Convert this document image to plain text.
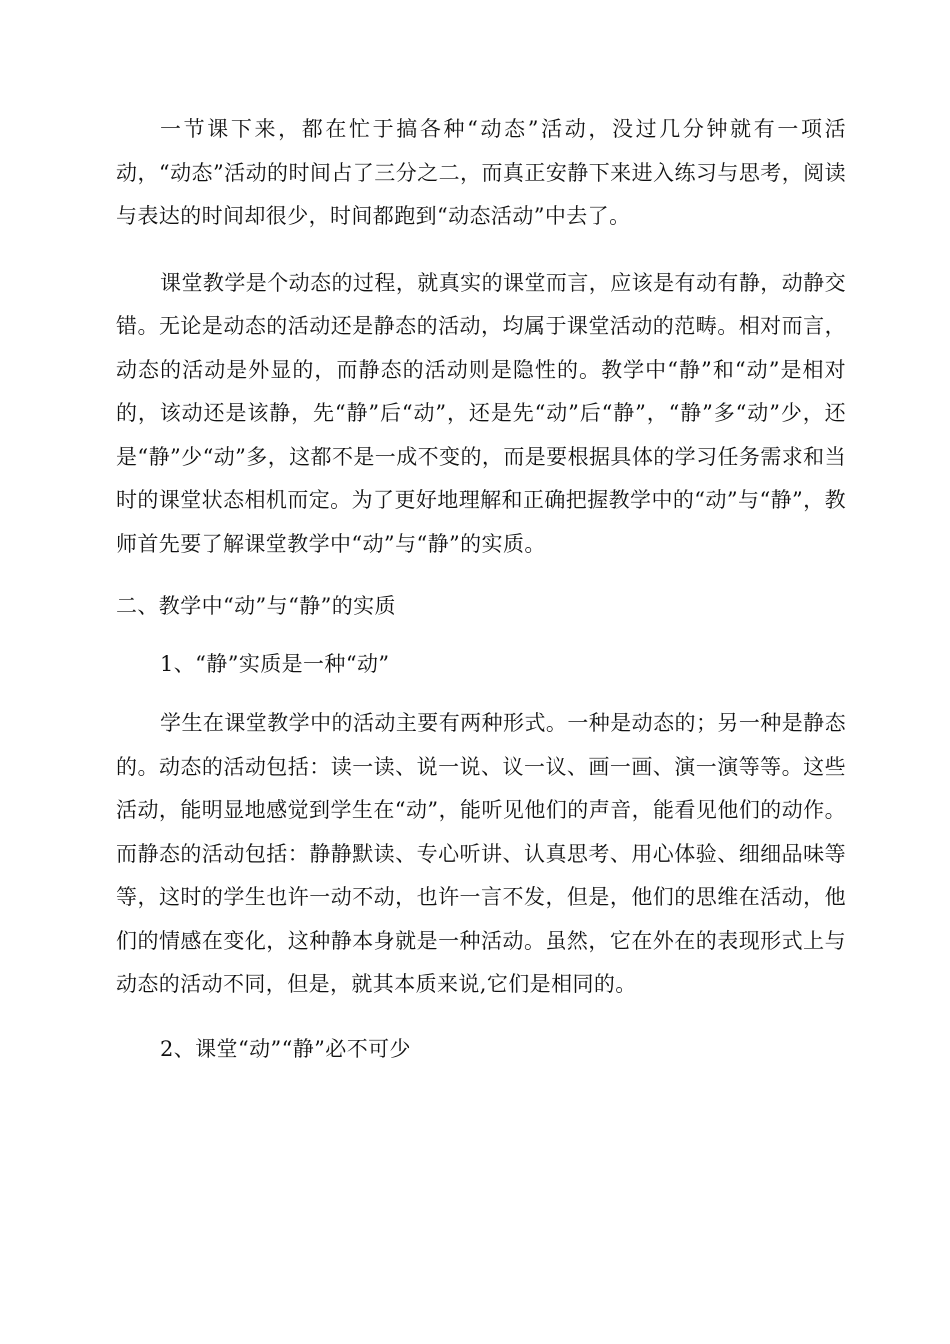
一节课下来，都在忙于搞各种“动态”活动，没过几分钟就有一项活动，“动态”活动的时间占了三分之二，而真正安静下来进入练习与思考，阅读与表达的时间却很少，时间都跑到“动态活动”中去了。

课堂教学是个动态的过程，就真实的课堂而言，应该是有动有静，动静交错。无论是动态的活动还是静态的活动，均属于课堂活动的范畴。相对而言，动态的活动是外显的，而静态的活动则是隐性的。教学中“静”和“动”是相对的，该动还是该静，先“静”后“动”，还是先“动”后“静”，“静”多“动”少，还是“静”少“动”多，这都不是一成不变的，而是要根据具体的学习任务需求和当时的课堂状态相机而定。为了更好地理解和正确把握教学中的“动”与“静”，教师首先要了解课堂教学中“动”与“静”的实质。

二、教学中“动”与“静”的实质

1、“静”实质是一种“动”

学生在课堂教学中的活动主要有两种形式。一种是动态的；另一种是静态的。动态的活动包括：读一读、说一说、议一议、画一画、演一演等等。这些活动，能明显地感觉到学生在“动”，能听见他们的声音，能看见他们的动作。而静态的活动包括：静静默读、专心听讲、认真思考、用心体验、细细品味等等，这时的学生也许一动不动，也许一言不发，但是，他们的思维在活动，他们的情感在变化，这种静本身就是一种活动。虽然，它在外在的表现形式上与动态的活动不同，但是，就其本质来说,它们是相同的。

2、课堂“动”“静”必不可少
